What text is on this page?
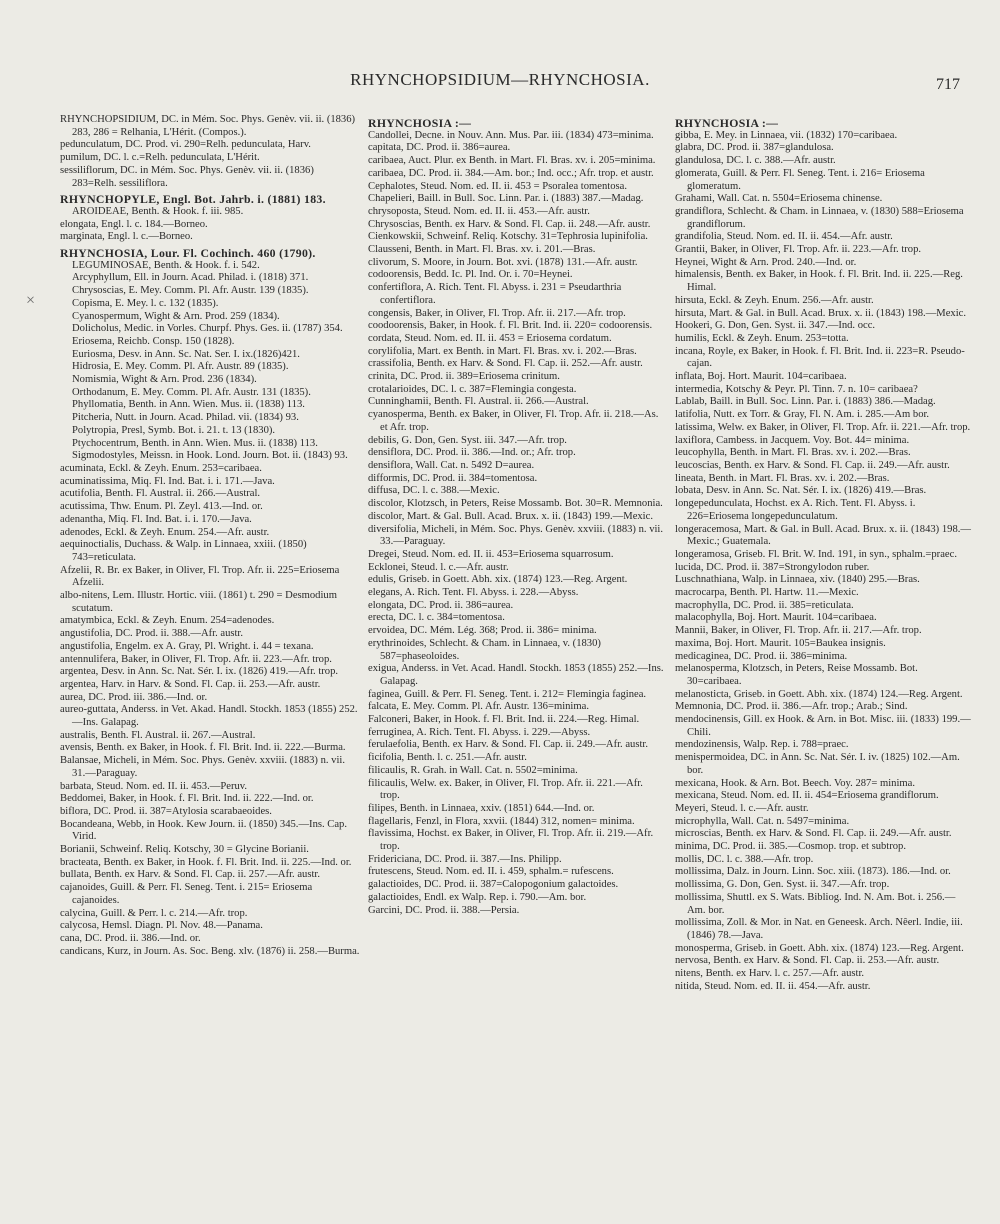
RHYNCHOPSIDIUM—RHYNCHOSIA.	717
×

RHYNCHOPSIDIUM, DC. in Mém. Soc. Phys. Genèv. vii. ii. (1836) 283, 286 = Relhania, L'Hérit. (Compos.).

pedunculatum, DC. Prod. vi. 290=Relh. pedunculata, Harv.

pumilum, DC. l. c.=Relh. pedunculata, L'Hérit.

sessiliflorum, DC. in Mém. Soc. Phys. Genèv. vii. ii. (1836) 283=Relh. sessiliflora.

RHYNCHOPYLE, Engl. Bot. Jahrb. i. (1881) 183.

AROIDEAE, Benth. & Hook. f. iii. 985.

elongata, Engl. l. c. 184.—Borneo.

marginata, Engl. l. c.—Borneo.

RHYNCHOSIA, Lour. Fl. Cochinch. 460 (1790).

LEGUMINOSAE, Benth. & Hook. f. i. 542.

Arcyphyllum, Ell. in Journ. Acad. Philad. i. (1818) 371.

Chrysoscias, E. Mey. Comm. Pl. Afr. Austr. 139 (1835).

Copisma, E. Mey. l. c. 132 (1835).

Cyanospermum, Wight & Arn. Prod. 259 (1834).

Dolicholus, Medic. in Vorles. Churpf. Phys. Ges. ii. (1787) 354.

Eriosema, Reichb. Consp. 150 (1828).

Euriosma, Desv. in Ann. Sc. Nat. Ser. I. ix.(1826)421.

Hidrosia, E. Mey. Comm. Pl. Afr. Austr. 89 (1835).

Nomismia, Wight & Arn. Prod. 236 (1834).

Orthodanum, E. Mey. Comm. Pl. Afr. Austr. 131 (1835).

Phyllomatia, Benth. in Ann. Wien. Mus. ii. (1838) 113.

Pitcheria, Nutt. in Journ. Acad. Philad. vii. (1834) 93.

Polytropia, Presl, Symb. Bot. i. 21. t. 13 (1830).

Ptychocentrum, Benth. in Ann. Wien. Mus. ii. (1838) 113.

Sigmodostyles, Meissn. in Hook. Lond. Journ. Bot. ii. (1843) 93.

acuminata, Eckl. & Zeyh. Enum. 253=caribaea.

acuminatissima, Miq. Fl. Ind. Bat. i. i. 171.—Java.

acutifolia, Benth. Fl. Austral. ii. 266.—Austral.

acutissima, Thw. Enum. Pl. Zeyl. 413.—Ind. or.

adenantha, Miq. Fl. Ind. Bat. i. i. 170.—Java.

adenodes, Eckl. & Zeyh. Enum. 254.—Afr. austr.

aequinoctialis, Duchass. & Walp. in Linnaea, xxiii. (1850) 743=reticulata.

Afzelii, R. Br. ex Baker, in Oliver, Fl. Trop. Afr. ii. 225=Eriosema Afzelii.

albo-nitens, Lem. Illustr. Hortic. viii. (1861) t. 290 = Desmodium scutatum.

amatymbica, Eckl. & Zeyh. Enum. 254=adenodes.

angustifolia, DC. Prod. ii. 388.—Afr. austr.

angustifolia, Engelm. ex A. Gray, Pl. Wright. i. 44 = texana.

antennulifera, Baker, in Oliver, Fl. Trop. Afr. ii. 223.—Afr. trop.

argentea, Desv. in Ann. Sc. Nat. Sér. I. ix. (1826) 419.—Afr. trop.

argentea, Harv. in Harv. & Sond. Fl. Cap. ii. 253.—Afr. austr.

aurea, DC. Prod. iii. 386.—Ind. or.

aureo-guttata, Anderss. in Vet. Akad. Handl. Stockh. 1853 (1855) 252.—Ins. Galapag.

australis, Benth. Fl. Austral. ii. 267.—Austral.

avensis, Benth. ex Baker, in Hook. f. Fl. Brit. Ind. ii. 222.—Burma.

Balansae, Micheli, in Mém. Soc. Phys. Genèv. xxviii. (1883) n. vii. 31.—Paraguay.

barbata, Steud. Nom. ed. II. ii. 453.—Peruv.

Beddomei, Baker, in Hook. f. Fl. Brit. Ind. ii. 222.—Ind. or.

biflora, DC. Prod. ii. 387=Atylosia scarabaeoides.

Bocandeana, Webb, in Hook. Kew Journ. ii. (1850) 345.—Ins. Cap. Virid.

Borianii, Schweinf. Reliq. Kotschy, 30 = Glycine Borianii.

bracteata, Benth. ex Baker, in Hook. f. Fl. Brit. Ind. ii. 225.—Ind. or.

bullata, Benth. ex Harv. & Sond. Fl. Cap. ii. 257.—Afr. austr.

cajanoides, Guill. & Perr. Fl. Seneg. Tent. i. 215= Eriosema cajanoides.

calycina, Guill. & Perr. l. c. 214.—Afr. trop.

calycosa, Hemsl. Diagn. Pl. Nov. 48.—Panama.

cana, DC. Prod. ii. 386.—Ind. or.

candicans, Kurz, in Journ. As. Soc. Beng. xlv. (1876) ii. 258.—Burma.

RHYNCHOSIA :—

Candollei, Decne. in Nouv. Ann. Mus. Par. iii. (1834) 473=minima.

capitata, DC. Prod. ii. 386=aurea.

caribaea, Auct. Plur. ex Benth. in Mart. Fl. Bras. xv. i. 205=minima.

caribaea, DC. Prod. ii. 384.—Am. bor.; Ind. occ.; Afr. trop. et austr.

Cephalotes, Steud. Nom. ed. II. ii. 453 = Psoralea tomentosa.

Chapelieri, Baill. in Bull. Soc. Linn. Par. i. (1883) 387.—Madag.

chrysoposta, Steud. Nom. ed. II. ii. 453.—Afr. austr.

Chrysoscias, Benth. ex Harv. & Sond. Fl. Cap. ii. 248.—Afr. austr.

Cienkowskii, Schweinf. Reliq. Kotschy. 31=Tephrosia lupinifolia.

Clausseni, Benth. in Mart. Fl. Bras. xv. i. 201.—Bras.

clivorum, S. Moore, in Journ. Bot. xvi. (1878) 131.—Afr. austr.

codoorensis, Bedd. Ic. Pl. Ind. Or. i. 70=Heynei.

confertiflora, A. Rich. Tent. Fl. Abyss. i. 231 = Pseudarthria confertiflora.

congensis, Baker, in Oliver, Fl. Trop. Afr. ii. 217.—Afr. trop.

coodoorensis, Baker, in Hook. f. Fl. Brit. Ind. ii. 220= codoorensis.

cordata, Steud. Nom. ed. II. ii. 453 = Eriosema cordatum.

corylifolia, Mart. ex Benth. in Mart. Fl. Bras. xv. i. 202.—Bras.

crassifolia, Benth. ex Harv. & Sond. Fl. Cap. ii. 252.—Afr. austr.

crinita, DC. Prod. ii. 389=Eriosema crinitum.

crotalarioides, DC. l. c. 387=Flemingia congesta.

Cunninghamii, Benth. Fl. Austral. ii. 266.—Austral.

cyanosperma, Benth. ex Baker, in Oliver, Fl. Trop. Afr. ii. 218.—As. et Afr. trop.

debilis, G. Don, Gen. Syst. iii. 347.—Afr. trop.

densiflora, DC. Prod. ii. 386.—Ind. or.; Afr. trop.

densiflora, Wall. Cat. n. 5492 D=aurea.

difformis, DC. Prod. ii. 384=tomentosa.

diffusa, DC. l. c. 388.—Mexic.

discolor, Klotzsch, in Peters, Reise Mossamb. Bot. 30=R. Memnonia.

discolor, Mart. & Gal. Bull. Acad. Brux. x. ii. (1843) 199.—Mexic.

diversifolia, Micheli, in Mém. Soc. Phys. Genèv. xxviii. (1883) n. vii. 33.—Paraguay.

Dregei, Steud. Nom. ed. II. ii. 453=Eriosema squarrosum.

Ecklonei, Steud. l. c.—Afr. austr.

edulis, Griseb. in Goett. Abh. xix. (1874) 123.—Reg. Argent.

elegans, A. Rich. Tent. Fl. Abyss. i. 228.—Abyss.

elongata, DC. Prod. ii. 386=aurea.

erecta, DC. l. c. 384=tomentosa.

ervoidea, DC. Mém. Lég. 368; Prod. ii. 386= minima.

erythrinoides, Schlecht. & Cham. in Linnaea, v. (1830) 587=phaseoloides.

exigua, Anderss. in Vet. Acad. Handl. Stockh. 1853 (1855) 252.—Ins. Galapag.

faginea, Guill. & Perr. Fl. Seneg. Tent. i. 212= Flemingia faginea.

falcata, E. Mey. Comm. Pl. Afr. Austr. 136=minima.

Falconeri, Baker, in Hook. f. Fl. Brit. Ind. ii. 224.—Reg. Himal.

ferruginea, A. Rich. Tent. Fl. Abyss. i. 229.—Abyss.

ferulaefolia, Benth. ex Harv. & Sond. Fl. Cap. ii. 249.—Afr. austr.

ficifolia, Benth. l. c. 251.—Afr. austr.

filicaulis, R. Grah. in Wall. Cat. n. 5502=minima.

filicaulis, Welw. ex. Baker, in Oliver, Fl. Trop. Afr. ii. 221.—Afr. trop.

filipes, Benth. in Linnaea, xxiv. (1851) 644.—Ind. or.

flagellaris, Fenzl, in Flora, xxvii. (1844) 312, nomen= minima.

flavissima, Hochst. ex Baker, in Oliver, Fl. Trop. Afr. ii. 219.—Afr. trop.

Fridericiana, DC. Prod. ii. 387.—Ins. Philipp.

frutescens, Steud. Nom. ed. II. i. 459, sphalm.= rufescens.

galactioides, DC. Prod. ii. 387=Calopogonium galactoides.

galactioides, Endl. ex Walp. Rep. i. 790.—Am. bor.

Garcini, DC. Prod. ii. 388.—Persia.

RHYNCHOSIA :—

gibba, E. Mey. in Linnaea, vii. (1832) 170=caribaea.

glabra, DC. Prod. ii. 387=glandulosa.

glandulosa, DC. l. c. 388.—Afr. austr.

glomerata, Guill. & Perr. Fl. Seneg. Tent. i. 216= Eriosema glomeratum.

Grahami, Wall. Cat. n. 5504=Eriosema chinense.

grandiflora, Schlecht. & Cham. in Linnaea, v. (1830) 588=Eriosema grandiflorum.

grandifolia, Steud. Nom. ed. II. ii. 454.—Afr. austr.

Grantii, Baker, in Oliver, Fl. Trop. Afr. ii. 223.—Afr. trop.

Heynei, Wight & Arn. Prod. 240.—Ind. or.

himalensis, Benth. ex Baker, in Hook. f. Fl. Brit. Ind. ii. 225.—Reg. Himal.

hirsuta, Eckl. & Zeyh. Enum. 256.—Afr. austr.

hirsuta, Mart. & Gal. in Bull. Acad. Brux. x. ii. (1843) 198.—Mexic.

Hookeri, G. Don, Gen. Syst. ii. 347.—Ind. occ.

humilis, Eckl. & Zeyh. Enum. 253=totta.

incana, Royle, ex Baker, in Hook. f. Fl. Brit. Ind. ii. 223=R. Pseudo-cajan.

inflata, Boj. Hort. Maurit. 104=caribaea.

intermedia, Kotschy & Peyr. Pl. Tinn. 7. n. 10= caribaea?

Lablab, Baill. in Bull. Soc. Linn. Par. i. (1883) 386.—Madag.

latifolia, Nutt. ex Torr. & Gray, Fl. N. Am. i. 285.—Am bor.

latissima, Welw. ex Baker, in Oliver, Fl. Trop. Afr. ii. 221.—Afr. trop.

laxiflora, Cambess. in Jacquem. Voy. Bot. 44= minima.

leucophylla, Benth. in Mart. Fl. Bras. xv. i. 202.—Bras.

leucoscias, Benth. ex Harv. & Sond. Fl. Cap. ii. 249.—Afr. austr.

lineata, Benth. in Mart. Fl. Bras. xv. i. 202.—Bras.

lobata, Desv. in Ann. Sc. Nat. Sér. I. ix. (1826) 419.—Bras.

longepedunculata, Hochst. ex A. Rich. Tent. Fl. Abyss. i. 226=Eriosema longepedunculatum.

longeracemosa, Mart. & Gal. in Bull. Acad. Brux. x. ii. (1843) 198.—Mexic.; Guatemala.

longeramosa, Griseb. Fl. Brit. W. Ind. 191, in syn., sphalm.=praec.

lucida, DC. Prod. ii. 387=Strongylodon ruber.

Luschnathiana, Walp. in Linnaea, xiv. (1840) 295.—Bras.

macrocarpa, Benth. Pl. Hartw. 11.—Mexic.

macrophylla, DC. Prod. ii. 385=reticulata.

malacophylla, Boj. Hort. Maurit. 104=caribaea.

Mannii, Baker, in Oliver, Fl. Trop. Afr. ii. 217.—Afr. trop.

maxima, Boj. Hort. Maurit. 105=Baukea insignis.

medicaginea, DC. Prod. ii. 386=minima.

melanosperma, Klotzsch, in Peters, Reise Mossamb. Bot. 30=caribaea.

melanosticta, Griseb. in Goett. Abh. xix. (1874) 124.—Reg. Argent.

Memnonia, DC. Prod. ii. 386.—Afr. trop.; Arab.; Sind.

mendocinensis, Gill. ex Hook. & Arn. in Bot. Misc. iii. (1833) 199.—Chili.

mendozinensis, Walp. Rep. i. 788=praec.

menispermoidea, DC. in Ann. Sc. Nat. Sér. I. iv. (1825) 102.—Am. bor.

mexicana, Hook. & Arn. Bot. Beech. Voy. 287= minima.

mexicana, Steud. Nom. ed. II. ii. 454=Eriosema grandiflorum.

Meyeri, Steud. l. c.—Afr. austr.

microphylla, Wall. Cat. n. 5497=minima.

microscias, Benth. ex Harv. & Sond. Fl. Cap. ii. 249.—Afr. austr.

minima, DC. Prod. ii. 385.—Cosmop. trop. et subtrop.

mollis, DC. l. c. 388.—Afr. trop.

mollissima, Dalz. in Journ. Linn. Soc. xiii. (1873). 186.—Ind. or.

mollissima, G. Don, Gen. Syst. ii. 347.—Afr. trop.

mollissima, Shuttl. ex S. Wats. Bibliog. Ind. N. Am. Bot. i. 256.—Am. bor.

mollissima, Zoll. & Mor. in Nat. en Geneesk. Arch. Nêerl. Indie, iii. (1846) 78.—Java.

monosperma, Griseb. in Goett. Abh. xix. (1874) 123.—Reg. Argent.

nervosa, Benth. ex Harv. & Sond. Fl. Cap. ii. 253.—Afr. austr.

nitens, Benth. ex Harv. l. c. 257.—Afr. austr.

nitida, Steud. Nom. ed. II. ii. 454.—Afr. austr.
